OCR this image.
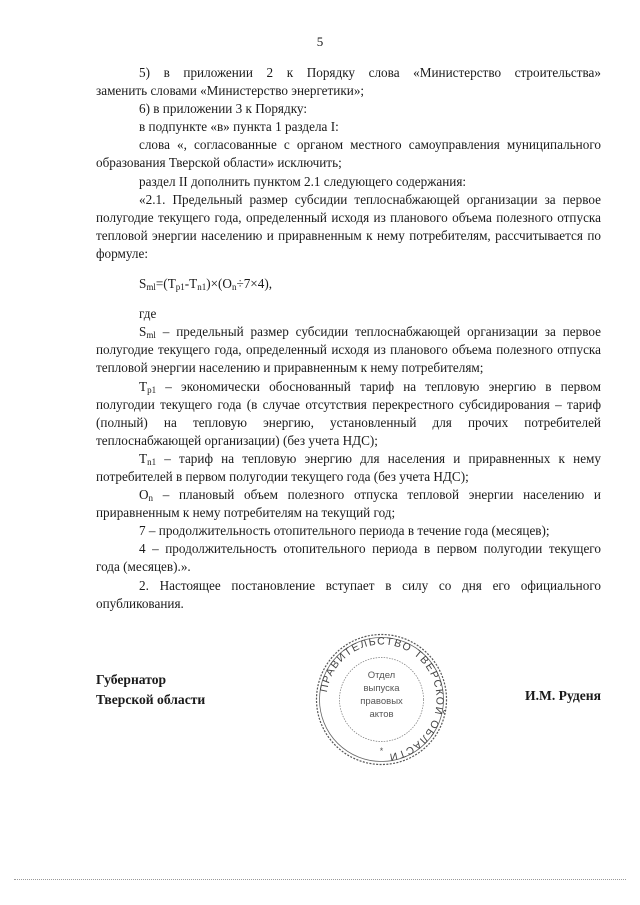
5

5) в приложении 2 к Порядку слова «Министерство строительства»

заменить словами «Министерство энергетики»;

6) в приложении 3 к Порядку:

в подпункте «в» пункта 1 раздела I:

слова «, согласованные с органом местного самоуправления муниципального образования Тверской области» исключить;

раздел II дополнить пунктом 2.1 следующего содержания:

«2.1. Предельный размер субсидии теплоснабжающей организации за первое полугодие текущего года, определенный исходя из планового объема полезного отпуска тепловой энергии населению и приравненным к нему потребителям, рассчитывается по формуле:

$S_{ml}=(T_{p1}-T_{n1})\times(O_n\div 7\times 4)$,

где

$S_{ml}$ – предельный размер субсидии теплоснабжающей организации за первое полугодие текущего года, определенный исходя из планового объема полезного отпуска тепловой энергии населению и приравненным к нему потребителям;

$Т_{p1}$ – экономически обоснованный тариф на тепловую энергию в первом полугодии текущего года (в случае отсутствия перекрестного субсидирования – тариф (полный) на тепловую энергию, установленный для прочих потребителей теплоснабжающей организации) (без учета НДС);

$Т_{n1}$ – тариф на тепловую энергию для населения и приравненных к нему потребителей в первом полугодии текущего года (без учета НДС);

$О_n$ – плановый объем полезного отпуска тепловой энергии населению и приравненным к нему потребителям на текущий год;

7 – продолжительность отопительного периода в течение года (месяцев);

4 – продолжительность отопительного периода в первом полугодии текущего года (месяцев).».

2. Настоящее постановление вступает в силу со дня его официального опубликования.

Губернатор
Тверской области
ПРАВИТЕЛЬСТВО ТВЕРСКОЙ ОБЛАСТИ
Отдел
выпуска
правовых
актов
*
И.М. Руденя
